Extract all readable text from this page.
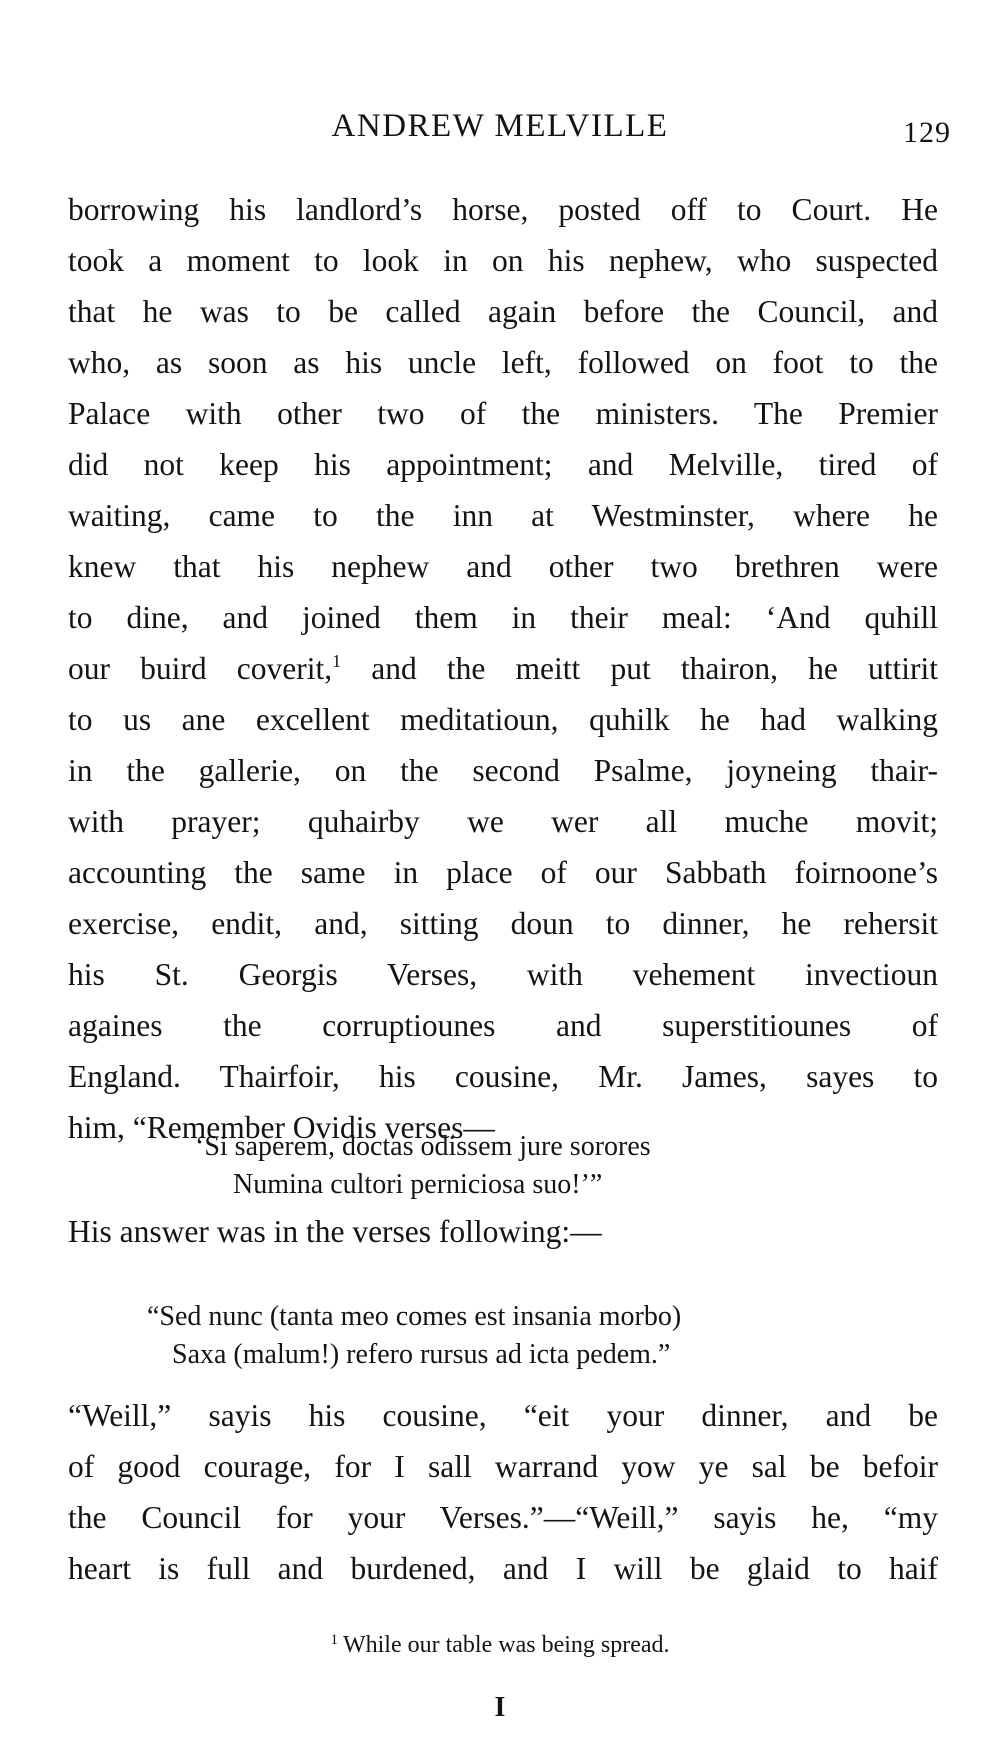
ANDREW MELVILLE	129
borrowing his landlord’s horse, posted off to Court. He
took a moment to look in on his nephew, who suspected
that he was to be called again before the Council, and
who, as soon as his uncle left, followed on foot to the
Palace with other two of the ministers. The Premier
did not keep his appointment; and Melville, tired of
waiting, came to the inn at Westminster, where he
knew that his nephew and other two brethren were
to dine, and joined them in their meal: ‘And quhill
our buird coverit,$^1$ and the meitt put thairon, he uttirit
to us ane excellent meditatioun, quhilk he had walking
in the gallerie, on the second Psalme, joyneing thair-
with prayer; quhairby we wer all muche movit;
accounting the same in place of our Sabbath foirnoone’s
exercise, endit, and, sitting doun to dinner, he rehersit
his St. Georgis Verses, with vehement invectioun
againes the corruptiounes and superstitiounes of
England. Thairfoir, his cousine, Mr. James, sayes to
him, “Remember Ovidis verses—
‘Si saperem, doctas odissem jure sorores
Numina cultori perniciosa suo!’”
His answer was in the verses following:—
“Sed nunc (tanta meo comes est insania morbo)
Saxa (malum!) refero rursus ad icta pedem.”
“Weill,” sayis his cousine, “eit your dinner, and be
of good courage, for I sall warrand yow ye sal be befoir
the Council for your Verses.”—“Weill,” sayis he, “my
heart is full and burdened, and I will be glaid to haif
$^1$ While our table was being spread.
I
